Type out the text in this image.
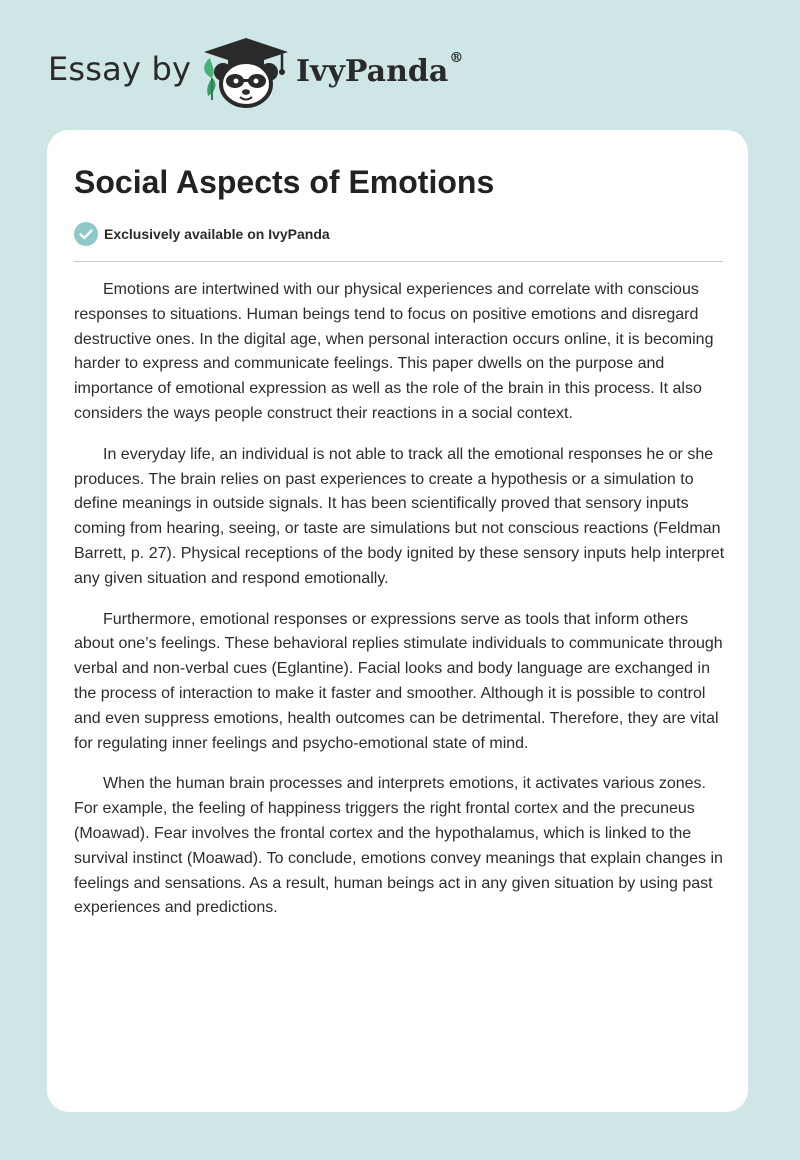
Essay by	IvyPanda®
Social Aspects of Emotions
Exclusively available on IvyPanda

Emotions are intertwined with our physical experiences and correlate with conscious responses to situations. Human beings tend to focus on positive emotions and disregard destructive ones. In the digital age, when personal interaction occurs online, it is becoming harder to express and communicate feelings. This paper dwells on the purpose and importance of emotional expression as well as the role of the brain in this process. It also considers the ways people construct their reactions in a social context.

In everyday life, an individual is not able to track all the emotional responses he or she produces. The brain relies on past experiences to create a hypothesis or a simulation to define meanings in outside signals. It has been scientifically proved that sensory inputs coming from hearing, seeing, or taste are simulations but not conscious reactions (Feldman Barrett, p. 27). Physical receptions of the body ignited by these sensory inputs help interpret any given situation and respond emotionally.

Furthermore, emotional responses or expressions serve as tools that inform others about one’s feelings. These behavioral replies stimulate individuals to communicate through verbal and non-verbal cues (Eglantine). Facial looks and body language are exchanged in the process of interaction to make it faster and smoother. Although it is possible to control and even suppress emotions, health outcomes can be detrimental. Therefore, they are vital for regulating inner feelings and psycho-emotional state of mind.

When the human brain processes and interprets emotions, it activates various zones. For example, the feeling of happiness triggers the right frontal cortex and the precuneus (Moawad). Fear involves the frontal cortex and the hypothalamus, which is linked to the survival instinct (Moawad). To conclude, emotions convey meanings that explain changes in feelings and sensations. As a result, human beings act in any given situation by using past experiences and predictions.
